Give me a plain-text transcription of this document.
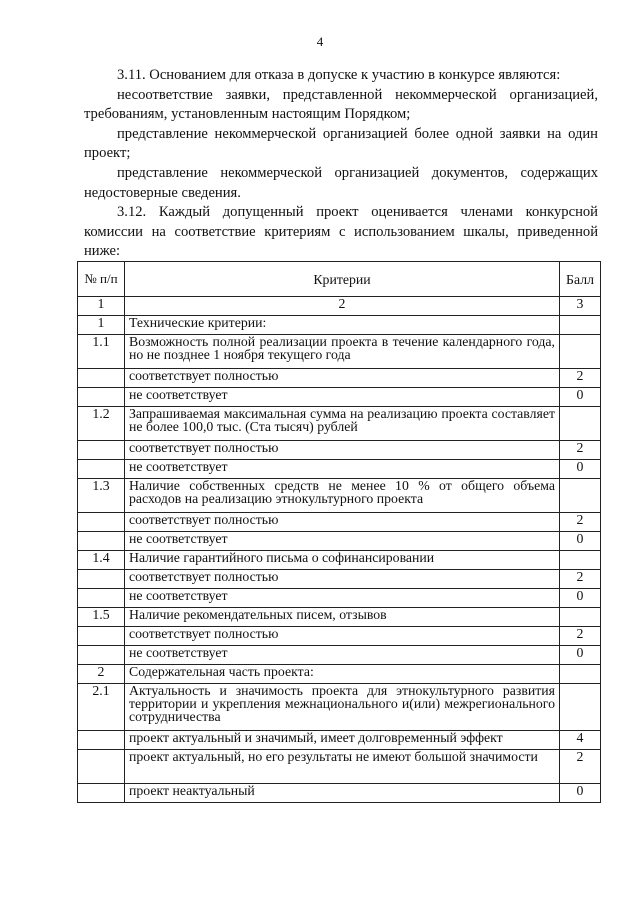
4

3.11. Основанием для отказа в допуске к участию в конкурсе являются:

несоответствие заявки, представленной некоммерческой организацией, требованиям, установленным настоящим Порядком;

представление некоммерческой организацией более одной заявки на один проект;

представление некоммерческой организацией документов, содержащих недостоверные сведения.

3.12. Каждый допущенный проект оценивается членами конкурсной комиссии на соответствие критериям с использованием шкалы, приведенной ниже:

№ п/п	Критерии	Балл
1	2	3
1	Технические критерии:	
1.1	Возможность полной реализации проекта в течение календарного года, но не позднее 1 ноября текущего года	
	соответствует полностью	2
	не соответствует	0
1.2	Запрашиваемая максимальная сумма на реализацию проекта составляет не более 100,0 тыс. (Ста тысяч) рублей	
	соответствует полностью	2
	не соответствует	0
1.3	Наличие собственных средств не менее 10 % от общего объема расходов на реализацию этнокультурного проекта	
	соответствует полностью	2
	не соответствует	0
1.4	Наличие гарантийного письма о софинансировании	
	соответствует полностью	2
	не соответствует	0
1.5	Наличие рекомендательных писем, отзывов	
	соответствует полностью	2
	не соответствует	0
2	Содержательная часть проекта:	
2.1	Актуальность и значимость проекта для этнокультурного развития территории и укрепления межнационального и(или) межрегионального сотрудничества	
	проект актуальный и значимый, имеет долговременный эффект	4
	проект актуальный, но его результаты не имеют большой значимости	2
	проект неактуальный	0
